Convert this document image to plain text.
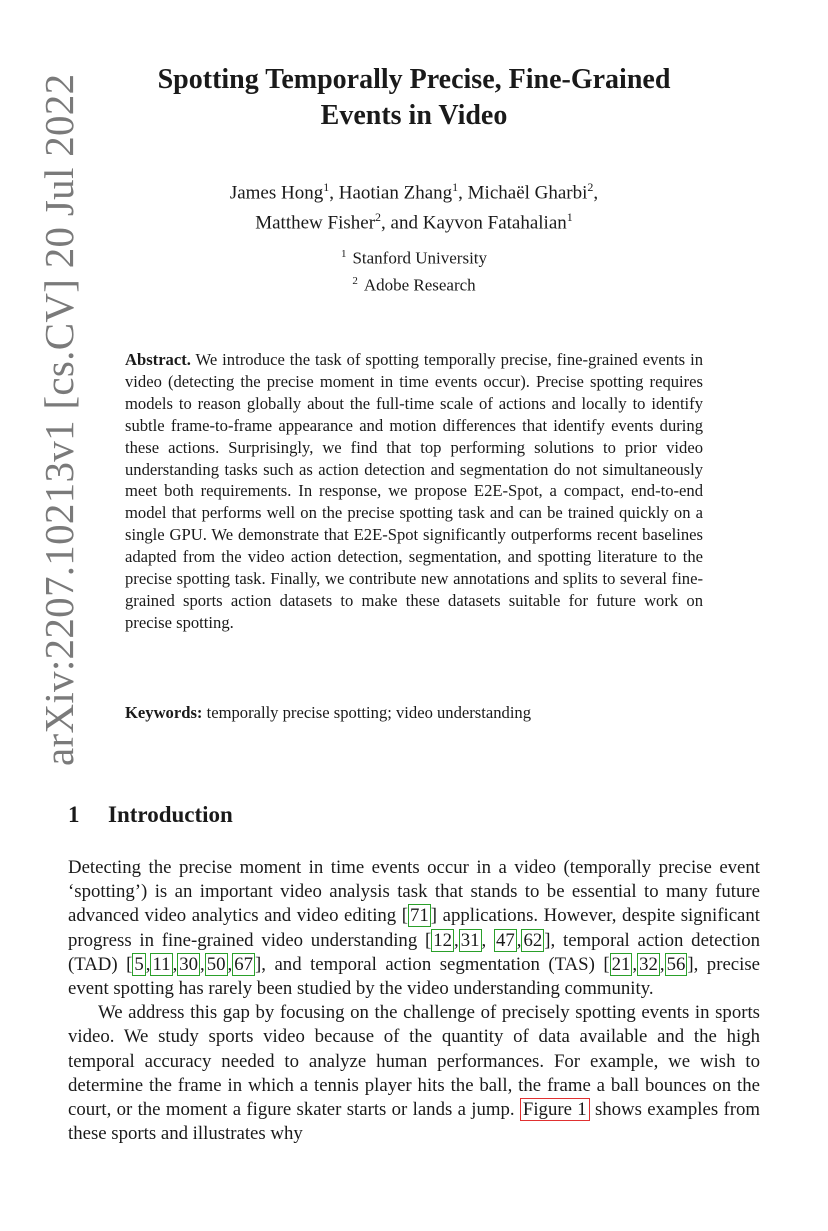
arXiv:2207.10213v1 [cs.CV] 20 Jul 2022	Spotting Temporally Precise, Fine-Grained
Events in Video
James Hong$^1$, Haotian Zhang$^1$, Michaël Gharbi$^2$,
Matthew Fisher$^2$, and Kayvon Fatahalian$^1$
$^1$ Stanford University
$^2$ Adobe Research
Abstract. We introduce the task of spotting temporally precise, fine-grained events in video (detecting the precise moment in time events occur). Precise spotting requires models to reason globally about the full-time scale of actions and locally to identify subtle frame-to-frame appearance and motion differences that identify events during these actions. Surprisingly, we find that top performing solutions to prior video understanding tasks such as action detection and segmentation do not simultaneously meet both requirements. In response, we propose E2E-Spot, a compact, end-to-end model that performs well on the precise spotting task and can be trained quickly on a single GPU. We demonstrate that E2E-Spot significantly outperforms recent baselines adapted from the video action detection, segmentation, and spotting literature to the precise spotting task. Finally, we contribute new annotations and splits to several fine-grained sports action datasets to make these datasets suitable for future work on precise spotting.
Keywords: temporally precise spotting; video understanding
1 Introduction

Detecting the precise moment in time events occur in a video (temporally precise event ‘spotting’) is an important video analysis task that stands to be essential to many future advanced video analytics and video editing [ 71 ] applications. However, despite significant progress in fine-grained video understanding [ 12 , 31 , 47 , 62 ], temporal action detection (TAD) [ 5 , 11 , 30 , 50 , 67 ], and temporal action segmentation (TAS) [ 21 , 32 , 56 ], precise event spotting has rarely been studied by the video understanding community.

We address this gap by focusing on the challenge of precisely spotting events in sports video. We study sports video because of the quantity of data available and the high temporal accuracy needed to analyze human performances. For example, we wish to determine the frame in which a tennis player hits the ball, the frame a ball bounces on the court, or the moment a figure skater starts or lands a jump. Figure 1 shows examples from these sports and illustrates why
